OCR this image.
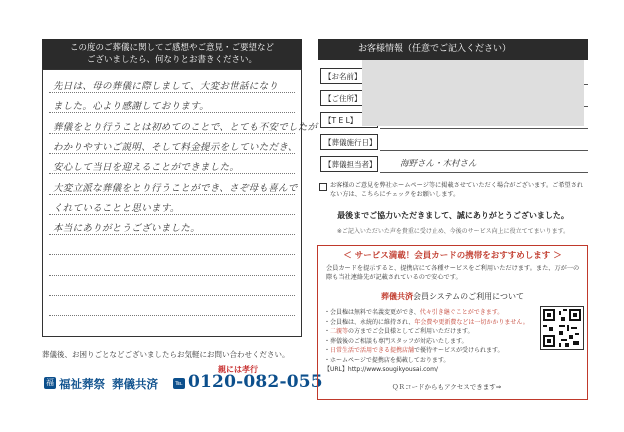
この度のご葬儀に関してご感想やご意見・ご要望など
ございましたら、何なりとお書きください。
先日は、母の葬儀に際しまして、大変お世話になり
ました。心より感謝しております。
葬儀をとり行うことは初めてのことで、とても不安でしたが
わかりやすいご説明、そして料金提示をしていただき、
安心して当日を迎えることができました。
大変立派な葬儀をとり行うことができ、さぞ母も喜んで
くれていることと思います。
本当にありがとうございました。
葬儀後、お困りごとなどございましたらお気軽にお問い合わせください。
福 福祉葬祭 葬儀共済	℡ 0120-082-055
親には孝行
お客様情報（任意でご記入ください）
【お名前】
【ご住所】
【T E L】
【葬儀施行日】
【葬儀担当者】	海野さん・木村さん
お客様のご意見を弊社ホームページ等に掲載させていただく場合がございます。ご希望されない方は、こちらにチェックをお願いします。
最後までご協力いただきまして、誠にありがとうございました。
※ご記入いただいた声を貴重に受け止め、今後のサービス向上に役立ててまいります。
＜ サービス満載！会員カードの携帯をおすすめします ＞
会員カードを提示すると、提携店にて各種サービスをご利用いただけます。また、万が一の際も当社連絡先が記載されているので安心です。
葬儀共済会員システムのご利用について
・会員権は無料で名義変更ができ、代々引き継ぐことができます。
・会員権は、永続的に維持され、年会費や更新費などは一切かかりません。
・二親等の方までご会員様としてご利用いただけます。
・葬儀後のご相談も専門スタッフが対応いたします。
・日常生活で活用できる提携店舗で優待サービスが受けられます。
・ホームページで提携店を掲載しております。
【URL】http://www.sougikyousai.com/
ＱＲコードからもアクセスできます⇒
